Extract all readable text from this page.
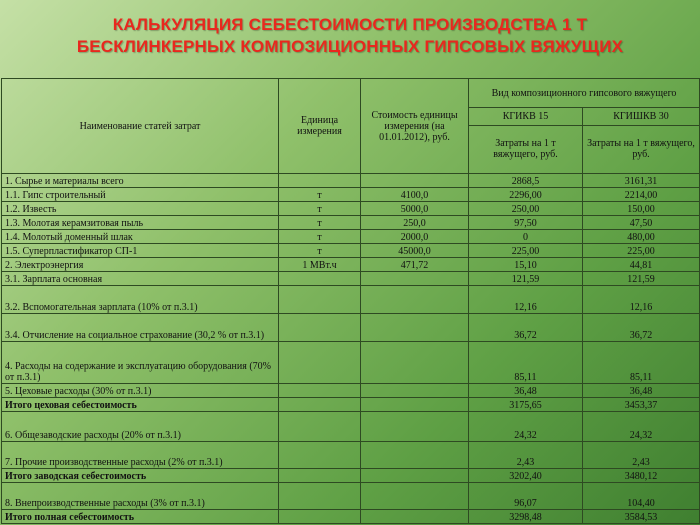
КАЛЬКУЛЯЦИЯ СЕБЕСТОИМОСТИ ПРОИЗВОДСТВА 1 Т
БЕСКЛИНКЕРНЫХ КОМПОЗИЦИОННЫХ ГИПСОВЫХ ВЯЖУЩИХ
Наименование статей затрат	Единица измерения	Стоимость единицы измерения (на 01.01.2012), руб.	Вид композиционного гипсового вяжущего	
			КГИКВ 15	КГИШКВ 30
			Затраты на 1 т вяжущего, руб.	Затраты на 1 т вяжущего, руб.
1. Сырье и материалы всего			2868,5	3161,31
1.1. Гипс строительный	т	4100,0	2296,00	2214,00
1.2. Известь	т	5000,0	250,00	150,00
1.3. Молотая керамзитовая пыль	т	250,0	97,50	47,50
1.4. Молотый доменный шлак	т	2000,0	0	480,00
1.5. Суперпластификатор СП-1	т	45000,0	225,00	225,00
2. Электроэнергия	1 МВт.ч	471,72	15,10	44,81
3.1. Зарплата основная			121,59	121,59
3.2. Вспомогательная зарплата (10% от п.3.1)			12,16	12,16
3.4. Отчисление на социальное страхование (30,2 % от п.3.1)			36,72	36,72
4. Расходы на содержание и эксплуатацию оборудования (70% от п.3.1)			85,11	85,11
5. Цеховые расходы (30% от п.3.1)			36,48	36,48
Итого цеховая себестоимость			3175,65	3453,37
6. Общезаводские расходы (20% от п.3.1)			24,32	24,32
7. Прочие производственные расходы (2% от п.3.1)			2,43	2,43
Итого заводская себестоимость			3202,40	3480,12
8. Внепроизводственные расходы (3% от п.3.1)			96,07	104,40
Итого полная себестоимость			3298,48	3584,53
